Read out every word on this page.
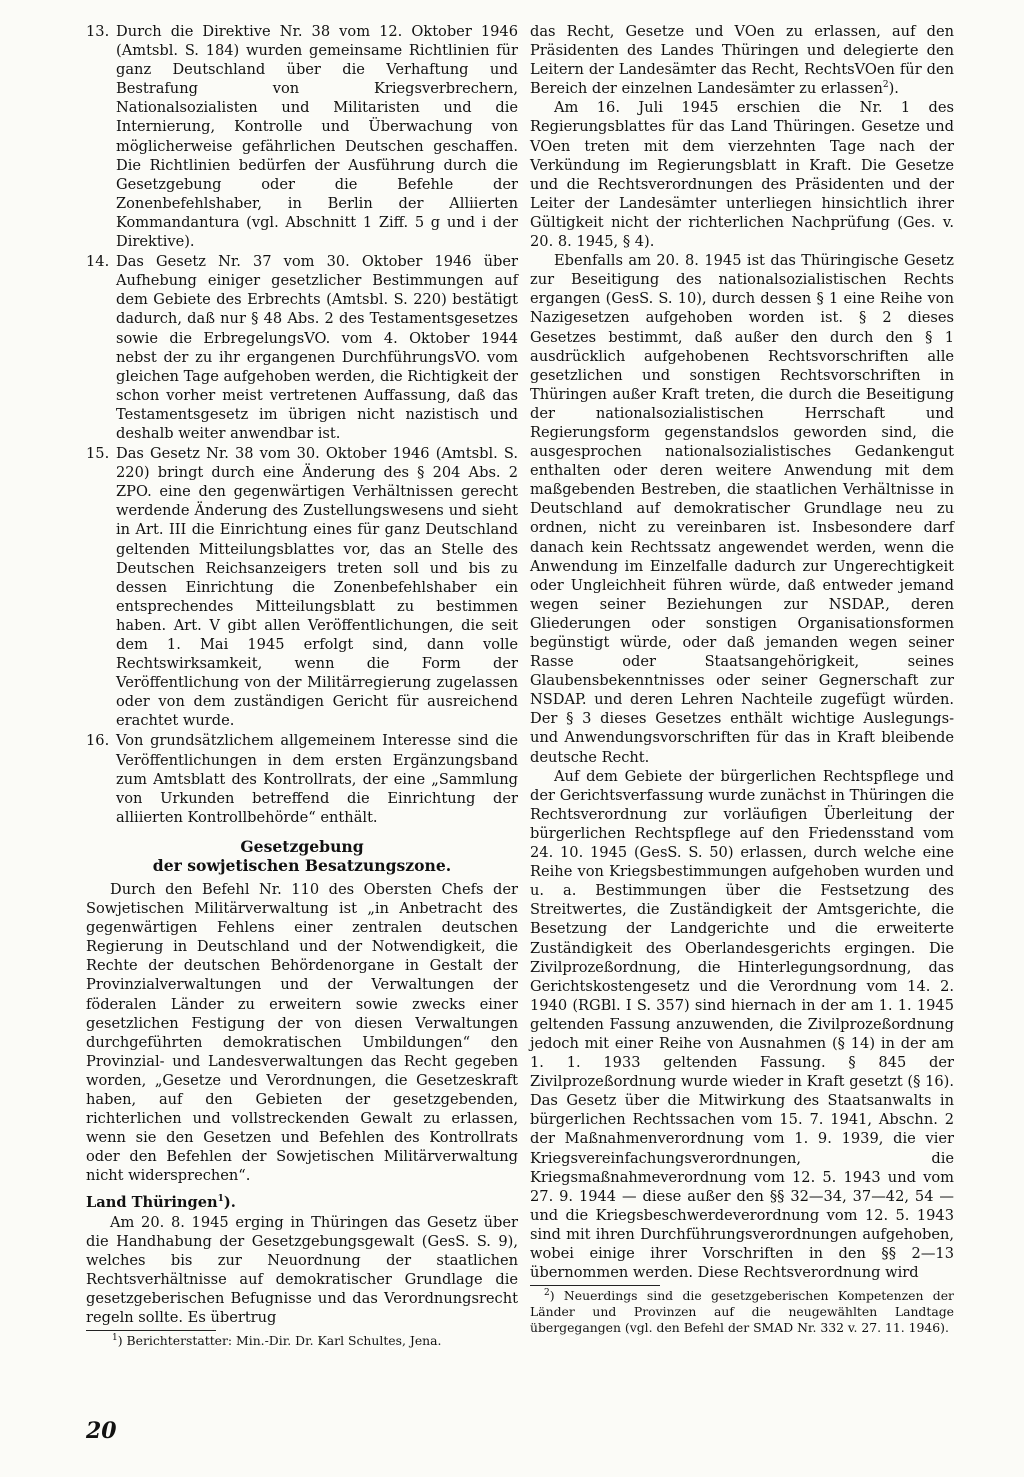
13. Durch die Direktive Nr. 38 vom 12. Oktober 1946 (Amtsbl. S. 184) wurden gemeinsame Richtlinien für ganz Deutschland über die Verhaftung und Bestrafung von Kriegsverbrechern, Nationalsozialisten und Militaristen und die Internierung, Kontrolle und Überwachung von möglicherweise gefährlichen Deutschen geschaffen. Die Richtlinien bedürfen der Ausführung durch die Gesetzgebung oder die Befehle der Zonenbefehlshaber, in Berlin der Alliierten Kommandantura (vgl. Abschnitt 1 Ziff. 5 g und i der Direktive).
14. Das Gesetz Nr. 37 vom 30. Oktober 1946 über Aufhebung einiger gesetzlicher Bestimmungen auf dem Gebiete des Erbrechts (Amtsbl. S. 220) bestätigt dadurch, daß nur § 48 Abs. 2 des Testamentsgesetzes sowie die ErbregelungsVO. vom 4. Oktober 1944 nebst der zu ihr ergangenen DurchführungsVO. vom gleichen Tage aufgehoben werden, die Richtigkeit der schon vorher meist vertretenen Auffassung, daß das Testamentsgesetz im übrigen nicht nazistisch und deshalb weiter anwendbar ist.
15. Das Gesetz Nr. 38 vom 30. Oktober 1946 (Amtsbl. S. 220) bringt durch eine Änderung des § 204 Abs. 2 ZPO. eine den gegenwärtigen Verhältnissen gerecht werdende Änderung des Zustellungswesens und sieht in Art. III die Einrichtung eines für ganz Deutschland geltenden Mitteilungsblattes vor, das an Stelle des Deutschen Reichsanzeigers treten soll und bis zu dessen Einrichtung die Zonenbefehlshaber ein entsprechendes Mitteilungsblatt zu bestimmen haben. Art. V gibt allen Veröffentlichungen, die seit dem 1. Mai 1945 erfolgt sind, dann volle Rechtswirksamkeit, wenn die Form der Veröffentlichung von der Militärregierung zugelassen oder von dem zuständigen Gericht für ausreichend erachtet wurde.
16. Von grundsätzlichem allgemeinem Interesse sind die Veröffentlichungen in dem ersten Ergänzungsband zum Amtsblatt des Kontrollrats, der eine „Sammlung von Urkunden betreffend die Einrichtung der alliierten Kontrollbehörde“ enthält.
Gesetzgebung
der sowjetischen Besatzungszone.

Durch den Befehl Nr. 110 des Obersten Chefs der Sowjetischen Militärverwaltung ist „in Anbetracht des gegenwärtigen Fehlens einer zentralen deutschen Regierung in Deutschland und der Notwendigkeit, die Rechte der deutschen Behördenorgane in Gestalt der Provinzialverwaltungen und der Verwaltungen der föderalen Länder zu erweitern sowie zwecks einer gesetzlichen Festigung der von diesen Verwaltungen durchgeführten demokratischen Umbildungen“ den Provinzial- und Landesverwaltungen das Recht gegeben worden, „Gesetze und Verordnungen, die Gesetzeskraft haben, auf den Gebieten der gesetzgebenden, richterlichen und vollstreckenden Gewalt zu erlassen, wenn sie den Gesetzen und Befehlen des Kontrollrats oder den Befehlen der Sowjetischen Militärverwaltung nicht widersprechen“.

Land Thüringen$^1$).

Am 20. 8. 1945 erging in Thüringen das Gesetz über die Handhabung der Gesetzgebungsgewalt (GesS. S. 9), welches bis zur Neuordnung der staatlichen Rechtsverhältnisse auf demokratischer Grundlage die gesetzgeberischen Befugnisse und das Verordnungsrecht regeln sollte. Es übertrug

$^1$) Berichterstatter: Min.-Dir. Dr. Karl Schultes, Jena.

das Recht, Gesetze und VOen zu erlassen, auf den Präsidenten des Landes Thüringen und delegierte den Leitern der Landesämter das Recht, RechtsVOen für den Bereich der einzelnen Landesämter zu erlassen$^2$).

Am 16. Juli 1945 erschien die Nr. 1 des Regierungsblattes für das Land Thüringen. Gesetze und VOen treten mit dem vierzehnten Tage nach der Verkündung im Regierungsblatt in Kraft. Die Gesetze und die Rechtsverordnungen des Präsidenten und der Leiter der Landesämter unterliegen hinsichtlich ihrer Gültigkeit nicht der richterlichen Nachprüfung (Ges. v. 20. 8. 1945, § 4).

Ebenfalls am 20. 8. 1945 ist das Thüringische Gesetz zur Beseitigung des nationalsozialistischen Rechts ergangen (GesS. S. 10), durch dessen § 1 eine Reihe von Nazigesetzen aufgehoben worden ist. § 2 dieses Gesetzes bestimmt, daß außer den durch den § 1 ausdrücklich aufgehobenen Rechtsvorschriften alle gesetzlichen und sonstigen Rechtsvorschriften in Thüringen außer Kraft treten, die durch die Beseitigung der nationalsozialistischen Herrschaft und Regierungsform gegenstandslos geworden sind, die ausgesprochen nationalsozialistisches Gedankengut enthalten oder deren weitere Anwendung mit dem maßgebenden Bestreben, die staatlichen Verhältnisse in Deutschland auf demokratischer Grundlage neu zu ordnen, nicht zu vereinbaren ist. Insbesondere darf danach kein Rechtssatz angewendet werden, wenn die Anwendung im Einzelfalle dadurch zur Ungerechtigkeit oder Ungleichheit führen würde, daß entweder jemand wegen seiner Beziehungen zur NSDAP., deren Gliederungen oder sonstigen Organisationsformen begünstigt würde, oder daß jemanden wegen seiner Rasse oder Staatsangehörigkeit, seines Glaubensbekenntnisses oder seiner Gegnerschaft zur NSDAP. und deren Lehren Nachteile zugefügt würden. Der § 3 dieses Gesetzes enthält wichtige Auslegungs- und Anwendungsvorschriften für das in Kraft bleibende deutsche Recht.

Auf dem Gebiete der bürgerlichen Rechtspflege und der Gerichtsverfassung wurde zunächst in Thüringen die Rechtsverordnung zur vorläufigen Überleitung der bürgerlichen Rechtspflege auf den Friedensstand vom 24. 10. 1945 (GesS. S. 50) erlassen, durch welche eine Reihe von Kriegsbestimmungen aufgehoben wurden und u. a. Bestimmungen über die Festsetzung des Streitwertes, die Zuständigkeit der Amtsgerichte, die Besetzung der Landgerichte und die erweiterte Zuständigkeit des Oberlandesgerichts ergingen. Die Zivilprozeßordnung, die Hinterlegungsordnung, das Gerichtskostengesetz und die Verordnung vom 14. 2. 1940 (RGBl. I S. 357) sind hiernach in der am 1. 1. 1945 geltenden Fassung anzuwenden, die Zivilprozeßordnung jedoch mit einer Reihe von Ausnahmen (§ 14) in der am 1. 1. 1933 geltenden Fassung. § 845 der Zivilprozeßordnung wurde wieder in Kraft gesetzt (§ 16). Das Gesetz über die Mitwirkung des Staatsanwalts in bürgerlichen Rechtssachen vom 15. 7. 1941, Abschn. 2 der Maßnahmenverordnung vom 1. 9. 1939, die vier Kriegsvereinfachungsverordnungen, die Kriegsmaßnahmeverordnung vom 12. 5. 1943 und vom 27. 9. 1944 — diese außer den §§ 32—34, 37—42, 54 — und die Kriegsbeschwerdeverordnung vom 12. 5. 1943 sind mit ihren Durchführungsverordnungen aufgehoben, wobei einige ihrer Vorschriften in den §§ 2—13 übernommen werden. Diese Rechtsverordnung wird

$^2$) Neuerdings sind die gesetzgeberischen Kompetenzen der Länder und Provinzen auf die neugewählten Landtage übergegangen (vgl. den Befehl der SMAD Nr. 332 v. 27. 11. 1946).

20
